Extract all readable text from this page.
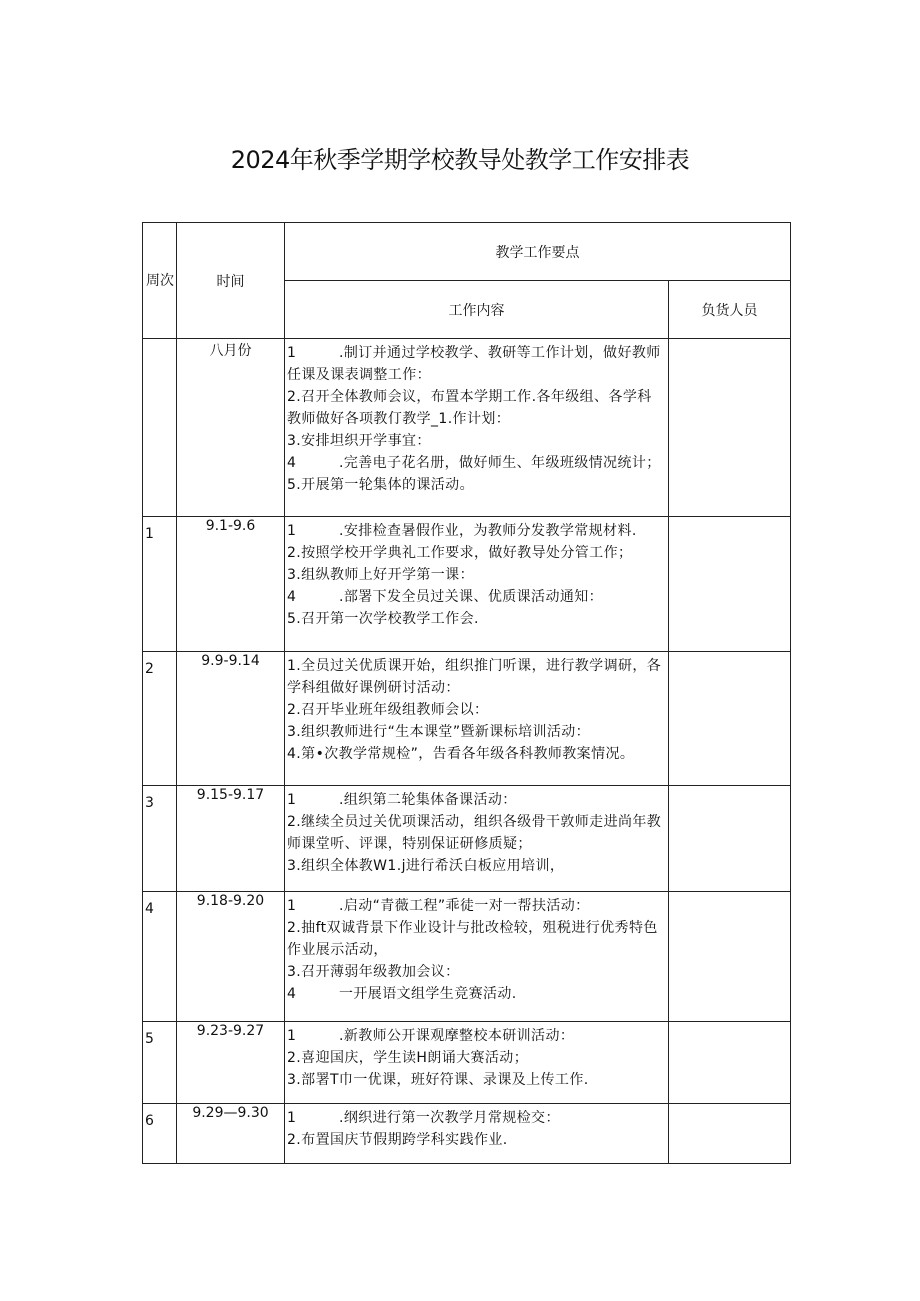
2024年秋季学期学校教导处教学工作安排表
周次	时间	教学工作要点	
		工作内容	负货人员
	八月份	1 .制订并通过学校教学、教研等工作计划，做好教师任课及课表调整工作：

2.召开全体教师会议，布置本学期工作.各年级组、各学科教师做好各项教仃教学_1.作计划：

3.安排坦织开学事宜：

4 .完善电子花名册，做好师生、年级班级情况统计；

5.开展第一轮集体的课活动。	

1	9.1-9.6	1 .安排检查暑假作业，为教师分发教学常规材料.

2.按照学校开学典礼工作要求，做好教导处分管工作；

3.组纵教师上好开学第一课：

4 .部署下发全员过关课、优质课活动通知：

5.召开第一次学校教学工作会.	

2	9.9-9.14	1.全员过关优质课开始，组织推门听课，进行教学调研，各学科组做好课例研讨活动：

2.召开毕业班年级组教师会以：

3.组织教师进行“生本课堂”暨新课标培训活动：

4.第•次教学常规检”，告看各年级各科教师教案情况。	

3	9.15-9.17	1 .组织第二轮集体备课活动：

2.继续全员过关优项课活动，组织各级骨干敦师走进尚年教师课堂听、评课，特别保证研修质疑；

3.组织全体教W1.j进行希沃白板应用培训，	

4	9.18-9.20	1 .启动“青薇工程”乖徒一对一帮扶活动：

2.抽ft双诚背景下作业设计与批改检较，殂税进行优秀特色作业展示活动，

3.召开薄弱年级教加会议：

4 一开展语文组学生竞赛活动.	

5	9.23-9.27	1 .新教师公开课观摩整校本研训活动：

2.喜迎国庆，学生读H朗诵大赛活动；

3.部署T巾一优课，班好符课、录课及上传工作.	

6	9.29—9.30	1 .纲织进行第一次教学月常规检交：

2.布置国庆节假期跨学科实践作业.	
